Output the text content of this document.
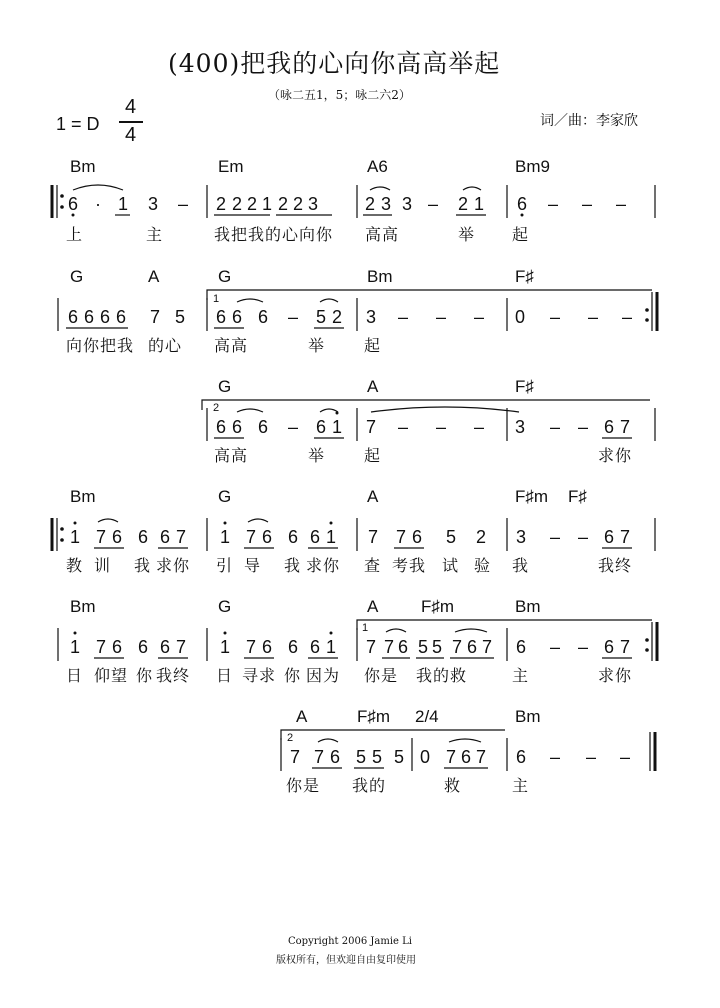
(400)把我的心向你高高举起
（咏二五1，5；咏二六2）
1 = D
4
4
词／曲：李家欣
Bm	Em	A6	Bm9
6 · 1 3 – 2 2 2 1 2 2 3	2 3 3 – 2 1 6 – – –
上	主	我把我的心向你 高高	举 起
G	A	G	Bm	F♯
1
6 6 6 6 7 5 6 6 6 – 5 2 3 – – – 0 – – –
向你把我 的心 高高	举 起
G	A	F♯
2
6 6 6 – 6 1 7 – – – 3 – – 6 7
高高	举 起	求你
Bm	G	A	F♯m F♯
1 7 6 6 6 7 1 7 6 6 6 1 7 7 6 5 2 3 – – 6 7
教 训 我 求你 引 导 我 求你 查 考我 试 验 我	我终
Bm	G	A	F♯m	Bm
1
1 7 6 6 6 7 1 7 6 6 6 1 7 7 6 5 5 7 6 7 6 – – 6 7
日 仰望 你 我终 日 寻求 你 因为 你是 我的救	主	求你
A	F♯m 2/4	Bm
2
7 7 6 5 5 5 0 7 6 7 6 – – –
你是 我的	救	主
Copyright 2006 Jamie Li
版权所有，但欢迎自由复印使用
